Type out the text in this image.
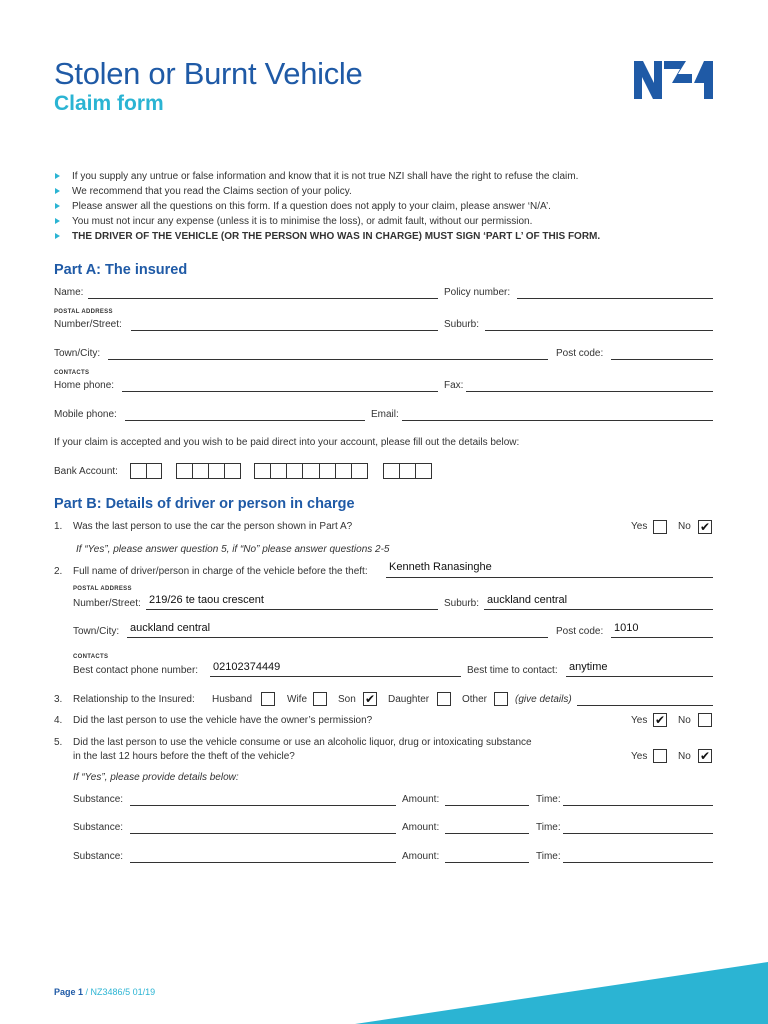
Stolen or Burnt Vehicle
Claim form
If you supply any untrue or false information and know that it is not true NZI shall have the right to refuse the claim.
We recommend that you read the Claims section of your policy.
Please answer all the questions on this form. If a question does not apply to your claim, please answer ‘N/A’.
You must not incur any expense (unless it is to minimise the loss), or admit fault, without our permission.
THE DRIVER OF THE VEHICLE (OR THE PERSON WHO WAS IN CHARGE) MUST SIGN ‘PART L’ OF THIS FORM.
Part A: The insured
Name:	Policy number:
POSTAL ADDRESS
Number/Street:	Suburb:
Town/City:	Post code:
CONTACTS
Home phone:	Fax:
Mobile phone:	Email:
If your claim is accepted and you wish to be paid direct into your account, please fill out the details below:
Bank Account:
Part B: Details of driver or person in charge
1. Was the last person to use the car the person shown in Part A?	Yes	No ✔
If “Yes”, please answer question 5, if “No” please answer questions 2-5
2. Full name of driver/person in charge of the vehicle before the theft: Kenneth Ranasinghe
POSTAL ADDRESS
Number/Street: 219/26 te taou crescent	Suburb: auckland central
Town/City: auckland central	Post code: 1010
CONTACTS
Best contact phone number: 02102374449	Best time to contact: anytime
3. Relationship to the Insured: Husband	Wife	Son ✔ Daughter	Other	(give details)
4. Did the last person to use the vehicle have the owner’s permission?	Yes ✔ No
5. Did the last person to use the vehicle consume or use an alcoholic liquor, drug or intoxicating substance
in the last 12 hours before the theft of the vehicle?	Yes	No ✔
If “Yes”, please provide details below:
Substance:	Amount:	Time:
Substance:	Amount:	Time:
Substance:	Amount:	Time:
Page 1 / NZ3486/5 01/19
